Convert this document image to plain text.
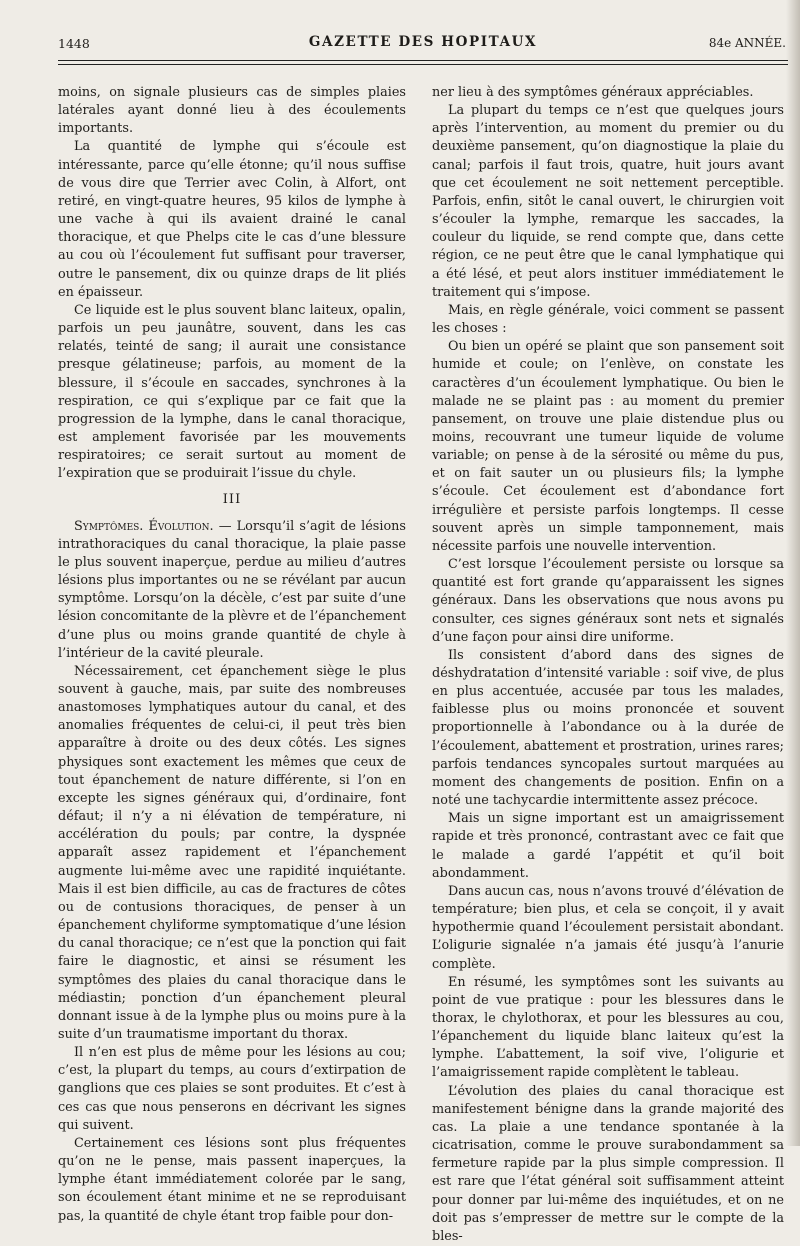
1448	GAZETTE DES HOPITAUX	84e ANNÉE.

moins, on signale plusieurs cas de simples plaies latérales ayant donné lieu à des écoulements importants.

La quantité de lymphe qui s’écoule est intéressante, parce qu’elle étonne; qu’il nous suffise de vous dire que Terrier avec Colin, à Alfort, ont retiré, en vingt-quatre heures, 95 kilos de lymphe à une vache à qui ils avaient drainé le canal thoracique, et que Phelps cite le cas d’une blessure au cou où l’écoulement fut suffisant pour traverser, outre le pansement, dix ou quinze draps de lit pliés en épaisseur.

Ce liquide est le plus souvent blanc laiteux, opalin, parfois un peu jaunâtre, souvent, dans les cas relatés, teinté de sang; il aurait une consistance presque gélatineuse; parfois, au moment de la blessure, il s’écoule en saccades, synchrones à la respiration, ce qui s’explique par ce fait que la progression de la lymphe, dans le canal thoracique, est amplement favorisée par les mouvements respiratoires; ce serait surtout au moment de l’expiration que se produirait l’issue du chyle.

III

Symptômes. Évolution. — Lorsqu’il s’agit de lésions intrathoraciques du canal thoracique, la plaie passe le plus souvent inaperçue, perdue au milieu d’autres lésions plus importantes ou ne se révélant par aucun symptôme. Lorsqu’on la décèle, c’est par suite d’une lésion concomitante de la plèvre et de l’épanchement d’une plus ou moins grande quantité de chyle à l’intérieur de la cavité pleurale.

Nécessairement, cet épanchement siège le plus souvent à gauche, mais, par suite des nombreuses anastomoses lymphatiques autour du canal, et des anomalies fréquentes de celui-ci, il peut très bien apparaître à droite ou des deux côtés. Les signes physiques sont exactement les mêmes que ceux de tout épanchement de nature différente, si l’on en excepte les signes généraux qui, d’ordinaire, font défaut; il n’y a ni élévation de température, ni accélération du pouls; par contre, la dyspnée apparaît assez rapidement et l’épanchement augmente lui-même avec une rapidité inquiétante. Mais il est bien difficile, au cas de fractures de côtes ou de contusions thoraciques, de penser à un épanchement chyliforme symptomatique d’une lésion du canal thoracique; ce n’est que la ponction qui fait faire le diagnostic, et ainsi se résument les symptômes des plaies du canal thoracique dans le médiastin; ponction d’un épanchement pleural donnant issue à de la lymphe plus ou moins pure à la suite d’un traumatisme important du thorax.

Il n’en est plus de même pour les lésions au cou; c’est, la plupart du temps, au cours d’extirpation de ganglions que ces plaies se sont produites. Et c’est à ces cas que nous penserons en décrivant les signes qui suivent.

Certainement ces lésions sont plus fréquentes qu’on ne le pense, mais passent inaperçues, la lymphe étant immédiatement colorée par le sang, son écoulement étant minime et ne se reproduisant pas, la quantité de chyle étant trop faible pour don-

ner lieu à des symptômes généraux appréciables.

La plupart du temps ce n’est que quelques jours après l’intervention, au moment du premier ou du deuxième pansement, qu’on diagnostique la plaie du canal; parfois il faut trois, quatre, huit jours avant que cet écoulement ne soit nettement perceptible. Parfois, enfin, sitôt le canal ouvert, le chirurgien voit s’écouler la lymphe, remarque les saccades, la couleur du liquide, se rend compte que, dans cette région, ce ne peut être que le canal lymphatique qui a été lésé, et peut alors instituer immédiatement le traitement qui s’impose.

Mais, en règle générale, voici comment se passent les choses :

Ou bien un opéré se plaint que son pansement soit humide et coule; on l’enlève, on constate les caractères d’un écoulement lymphatique. Ou bien le malade ne se plaint pas : au moment du premier pansement, on trouve une plaie distendue plus ou moins, recouvrant une tumeur liquide de volume variable; on pense à de la sérosité ou même du pus, et on fait sauter un ou plusieurs fils; la lymphe s’écoule. Cet écoulement est d’abondance fort irrégulière et persiste parfois longtemps. Il cesse souvent après un simple tamponnement, mais nécessite parfois une nouvelle intervention.

C’est lorsque l’écoulement persiste ou lorsque sa quantité est fort grande qu’apparaissent les signes généraux. Dans les observations que nous avons pu consulter, ces signes généraux sont nets et signalés d’une façon pour ainsi dire uniforme.

Ils consistent d’abord dans des signes de déshydratation d’intensité variable : soif vive, de plus en plus accentuée, accusée par tous les malades, faiblesse plus ou moins prononcée et souvent proportionnelle à l’abondance ou à la durée de l’écoulement, abattement et prostration, urines rares; parfois tendances syncopales surtout marquées au moment des changements de position. Enfin on a noté une tachycardie intermittente assez précoce.

Mais un signe important est un amaigrissement rapide et très prononcé, contrastant avec ce fait que le malade a gardé l’appétit et qu’il boit abondamment.

Dans aucun cas, nous n’avons trouvé d’élévation de température; bien plus, et cela se conçoit, il y avait hypothermie quand l’écoulement persistait abondant. L’oligurie signalée n’a jamais été jusqu’à l’anurie complète.

En résumé, les symptômes sont les suivants au point de vue pratique : pour les blessures dans le thorax, le chylothorax, et pour les blessures au cou, l’épanchement du liquide blanc laiteux qu’est la lymphe. L’abattement, la soif vive, l’oligurie et l’amaigrissement rapide complètent le tableau.

L’évolution des plaies du canal thoracique est manifestement bénigne dans la grande majorité des cas. La plaie a une tendance spontanée à la cicatrisation, comme le prouve surabondamment sa fermeture rapide par la plus simple compression. Il est rare que l’état général soit suffisamment atteint pour donner par lui-même des inquiétudes, et on ne doit pas s’empresser de mettre sur le compte de la bles-
